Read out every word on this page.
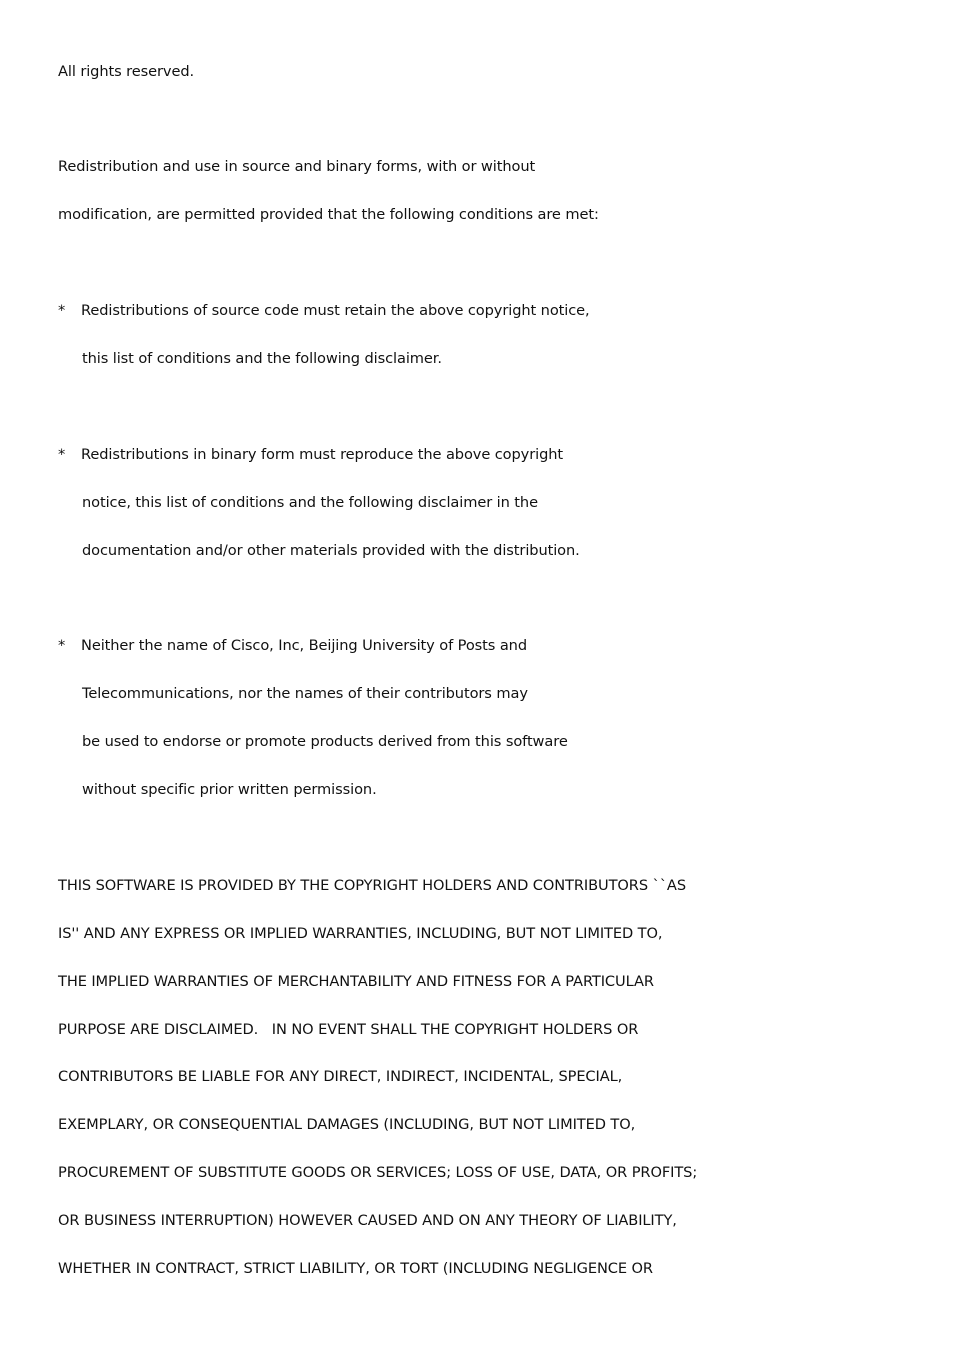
All rights reserved.
Redistribution and use in source and binary forms, with or without
modification, are permitted provided that the following conditions are met:
* Redistributions of source code must retain the above copyright notice,
this list of conditions and the following disclaimer.
* Redistributions in binary form must reproduce the above copyright
notice, this list of conditions and the following disclaimer in the
documentation and/or other materials provided with the distribution.
* Neither the name of Cisco, Inc, Beijing University of Posts and
Telecommunications, nor the names of their contributors may
be used to endorse or promote products derived from this software
without specific prior written permission.
THIS SOFTWARE IS PROVIDED BY THE COPYRIGHT HOLDERS AND CONTRIBUTORS ``AS
IS'' AND ANY EXPRESS OR IMPLIED WARRANTIES, INCLUDING, BUT NOT LIMITED TO,
THE IMPLIED WARRANTIES OF MERCHANTABILITY AND FITNESS FOR A PARTICULAR
PURPOSE ARE DISCLAIMED.   IN NO EVENT SHALL THE COPYRIGHT HOLDERS OR
CONTRIBUTORS BE LIABLE FOR ANY DIRECT, INDIRECT, INCIDENTAL, SPECIAL,
EXEMPLARY, OR CONSEQUENTIAL DAMAGES (INCLUDING, BUT NOT LIMITED TO,
PROCUREMENT OF SUBSTITUTE GOODS OR SERVICES; LOSS OF USE, DATA, OR PROFITS;
OR BUSINESS INTERRUPTION) HOWEVER CAUSED AND ON ANY THEORY OF LIABILITY,
WHETHER IN CONTRACT, STRICT LIABILITY, OR TORT (INCLUDING NEGLIGENCE OR
